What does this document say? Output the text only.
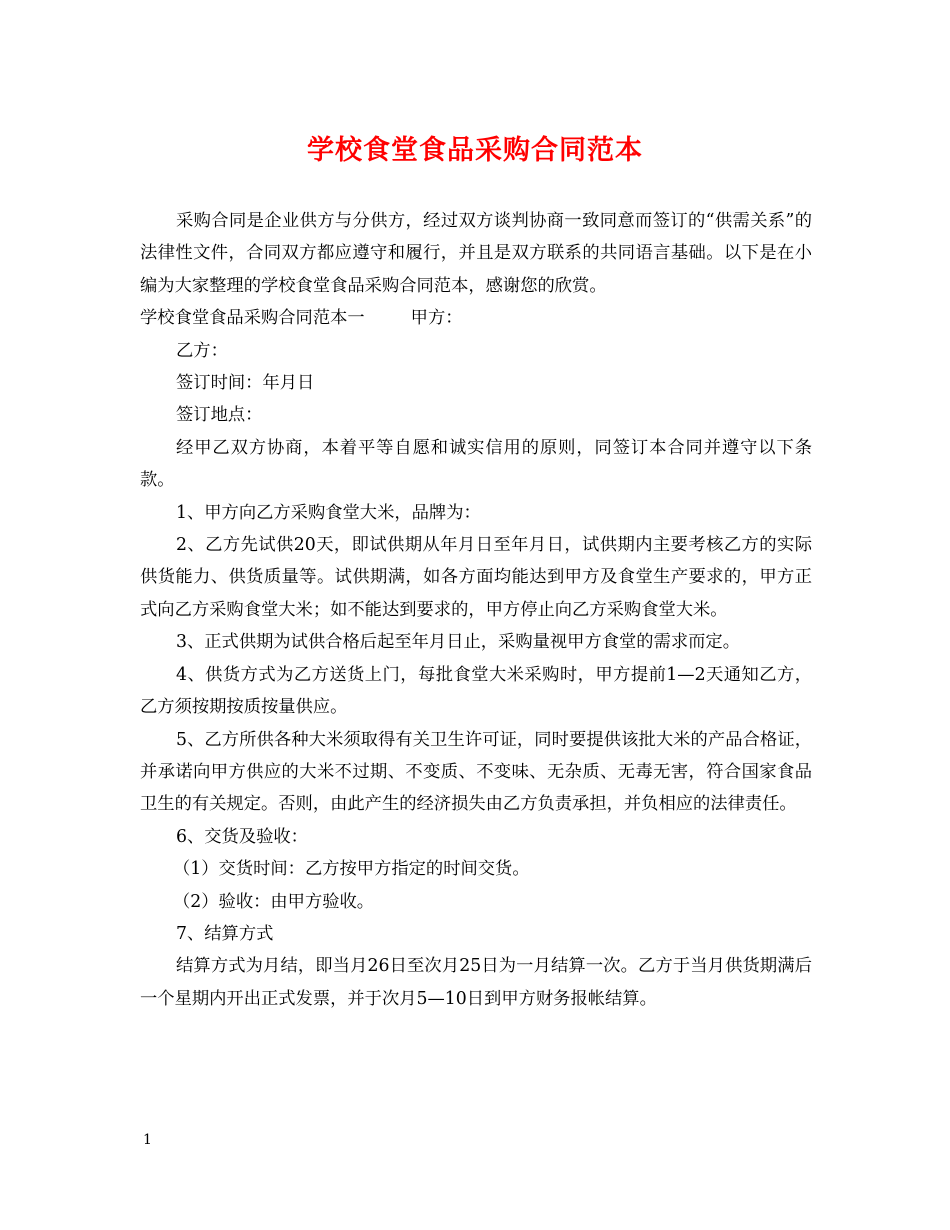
学校食堂食品采购合同范本

采购合同是企业供方与分供方，经过双方谈判协商一致同意而签订的“供需关系”的法律性文件，合同双方都应遵守和履行，并且是双方联系的共同语言基础。以下是在小编为大家整理的学校食堂食品采购合同范本，感谢您的欣赏。

学校食堂食品采购合同范本一	甲方：

乙方：

签订时间：年月日

签订地点：

经甲乙双方协商，本着平等自愿和诚实信用的原则，同签订本合同并遵守以下条款。

1、甲方向乙方采购食堂大米，品牌为：

2、乙方先试供20天，即试供期从年月日至年月日，试供期内主要考核乙方的实际供货能力、供货质量等。试供期满，如各方面均能达到甲方及食堂生产要求的，甲方正式向乙方采购食堂大米；如不能达到要求的，甲方停止向乙方采购食堂大米。

3、正式供期为试供合格后起至年月日止，采购量视甲方食堂的需求而定。

4、供货方式为乙方送货上门，每批食堂大米采购时，甲方提前1—2天通知乙方，乙方须按期按质按量供应。

5、乙方所供各种大米须取得有关卫生许可证，同时要提供该批大米的产品合格证，并承诺向甲方供应的大米不过期、不变质、不变味、无杂质、无毒无害，符合国家食品卫生的有关规定。否则，由此产生的经济损失由乙方负责承担，并负相应的法律责任。

6、交货及验收：

（1）交货时间：乙方按甲方指定的时间交货。

（2）验收：由甲方验收。

7、结算方式

结算方式为月结，即当月26日至次月25日为一月结算一次。乙方于当月供货期满后一个星期内开出正式发票，并于次月5—10日到甲方财务报帐结算。

1
